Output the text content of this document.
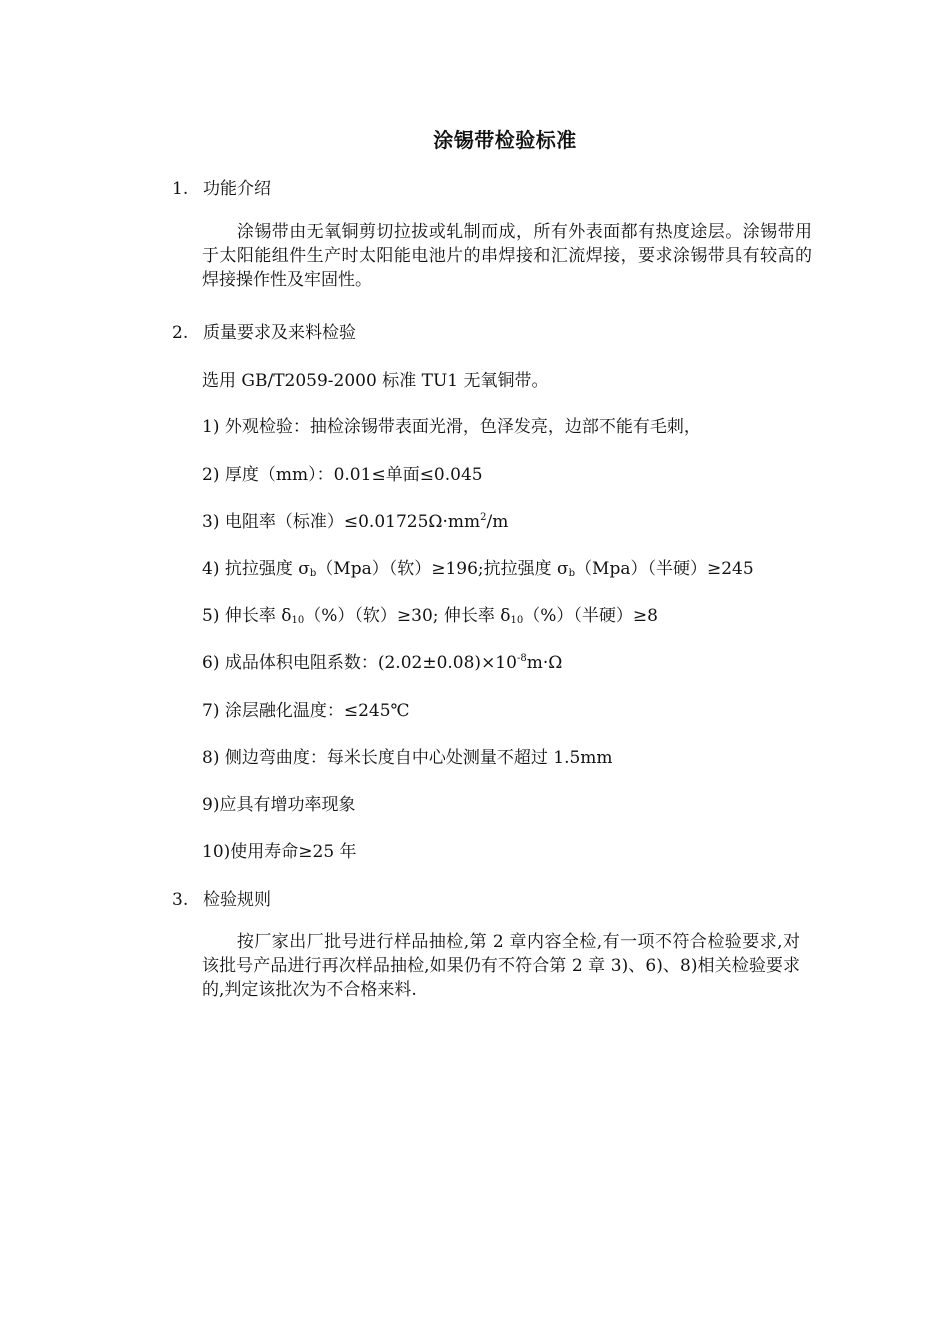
涂锡带检验标准
1. 功能介绍
　　涂锡带由无氧铜剪切拉拔或轧制而成，所有外表面都有热度途层。涂锡带用于太阳能组件生产时太阳能电池片的串焊接和汇流焊接，要求涂锡带具有较高的焊接操作性及牢固性。
2. 质量要求及来料检验
选用 GB/T2059-2000 标准 TU1 无氧铜带。
1) 外观检验：抽检涂锡带表面光滑，色泽发亮，边部不能有毛刺，
2) 厚度（mm）：0.01≤单面≤0.045
3) 电阻率（标准）$\le 0.01725\Omega\cdot mm^2/m$
4) 抗拉强度 $\sigma_b(Mpa)$（软）≥196;抗拉强度 $\sigma_b(Mpa)$（半硬）≥245
5) 伸长率 $\delta_{10}(\%)$（软）≥30; 伸长率 $\delta_{10}(\%)$（半硬）≥8
6) 成品体积电阻系数：$(2.02\pm 0.08)\times 10^{-8}m\cdot\Omega$
7) 涂层融化温度：≤245℃
8) 侧边弯曲度：每米长度自中心处测量不超过 1.5mm
9)应具有增功率现象
10)使用寿命≥25 年
3. 检验规则
　　按厂家出厂批号进行样品抽检,第 2 章内容全检,有一项不符合检验要求,对该批号产品进行再次样品抽检,如果仍有不符合第 2 章 3)、6)、8)相关检验要求的,判定该批次为不合格来料.
